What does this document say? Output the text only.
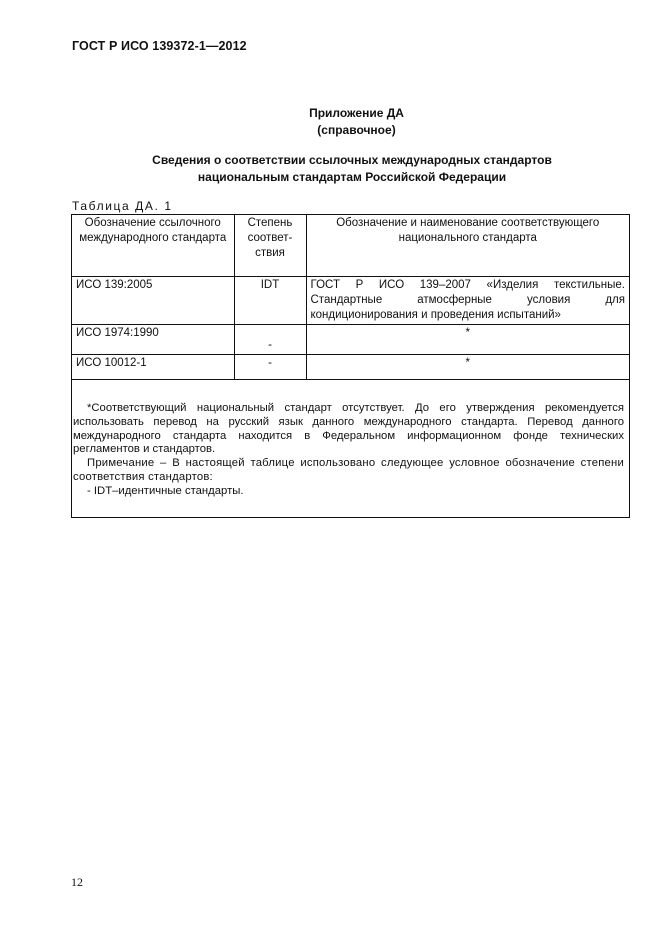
ГОСТ Р ИСО 139372-1—2012
Приложение ДА
(справочное)
Сведения о соответствии ссылочных международных стандартов
национальным стандартам Российской Федерации
Таблица ДА. 1
Обозначение ссылочного международного стандарта	Степень соответ-ствия	Обозначение и наименование соответствующего национального стандарта
ИСО 139:2005	IDT	ГОСТ Р ИСО 139–2007 «Изделия текстильные. Стандартные атмосферные условия для кондиционирования и проведения испытаний»
ИСО 1974:1990	-	*

ИСО 10012-1	-	*

*Соответствующий национальный стандарт отсутствует. До его утверждения рекомендуется использовать перевод на русский язык данного международного стандарта. Перевод данного международного стандарта находится в Федеральном информационном фонде технических регламентов и стандартов.

Примечание – В настоящей таблице использовано следующее условное обозначение степени соответствия стандартов:

- IDT–идентичные стандарты.

12
